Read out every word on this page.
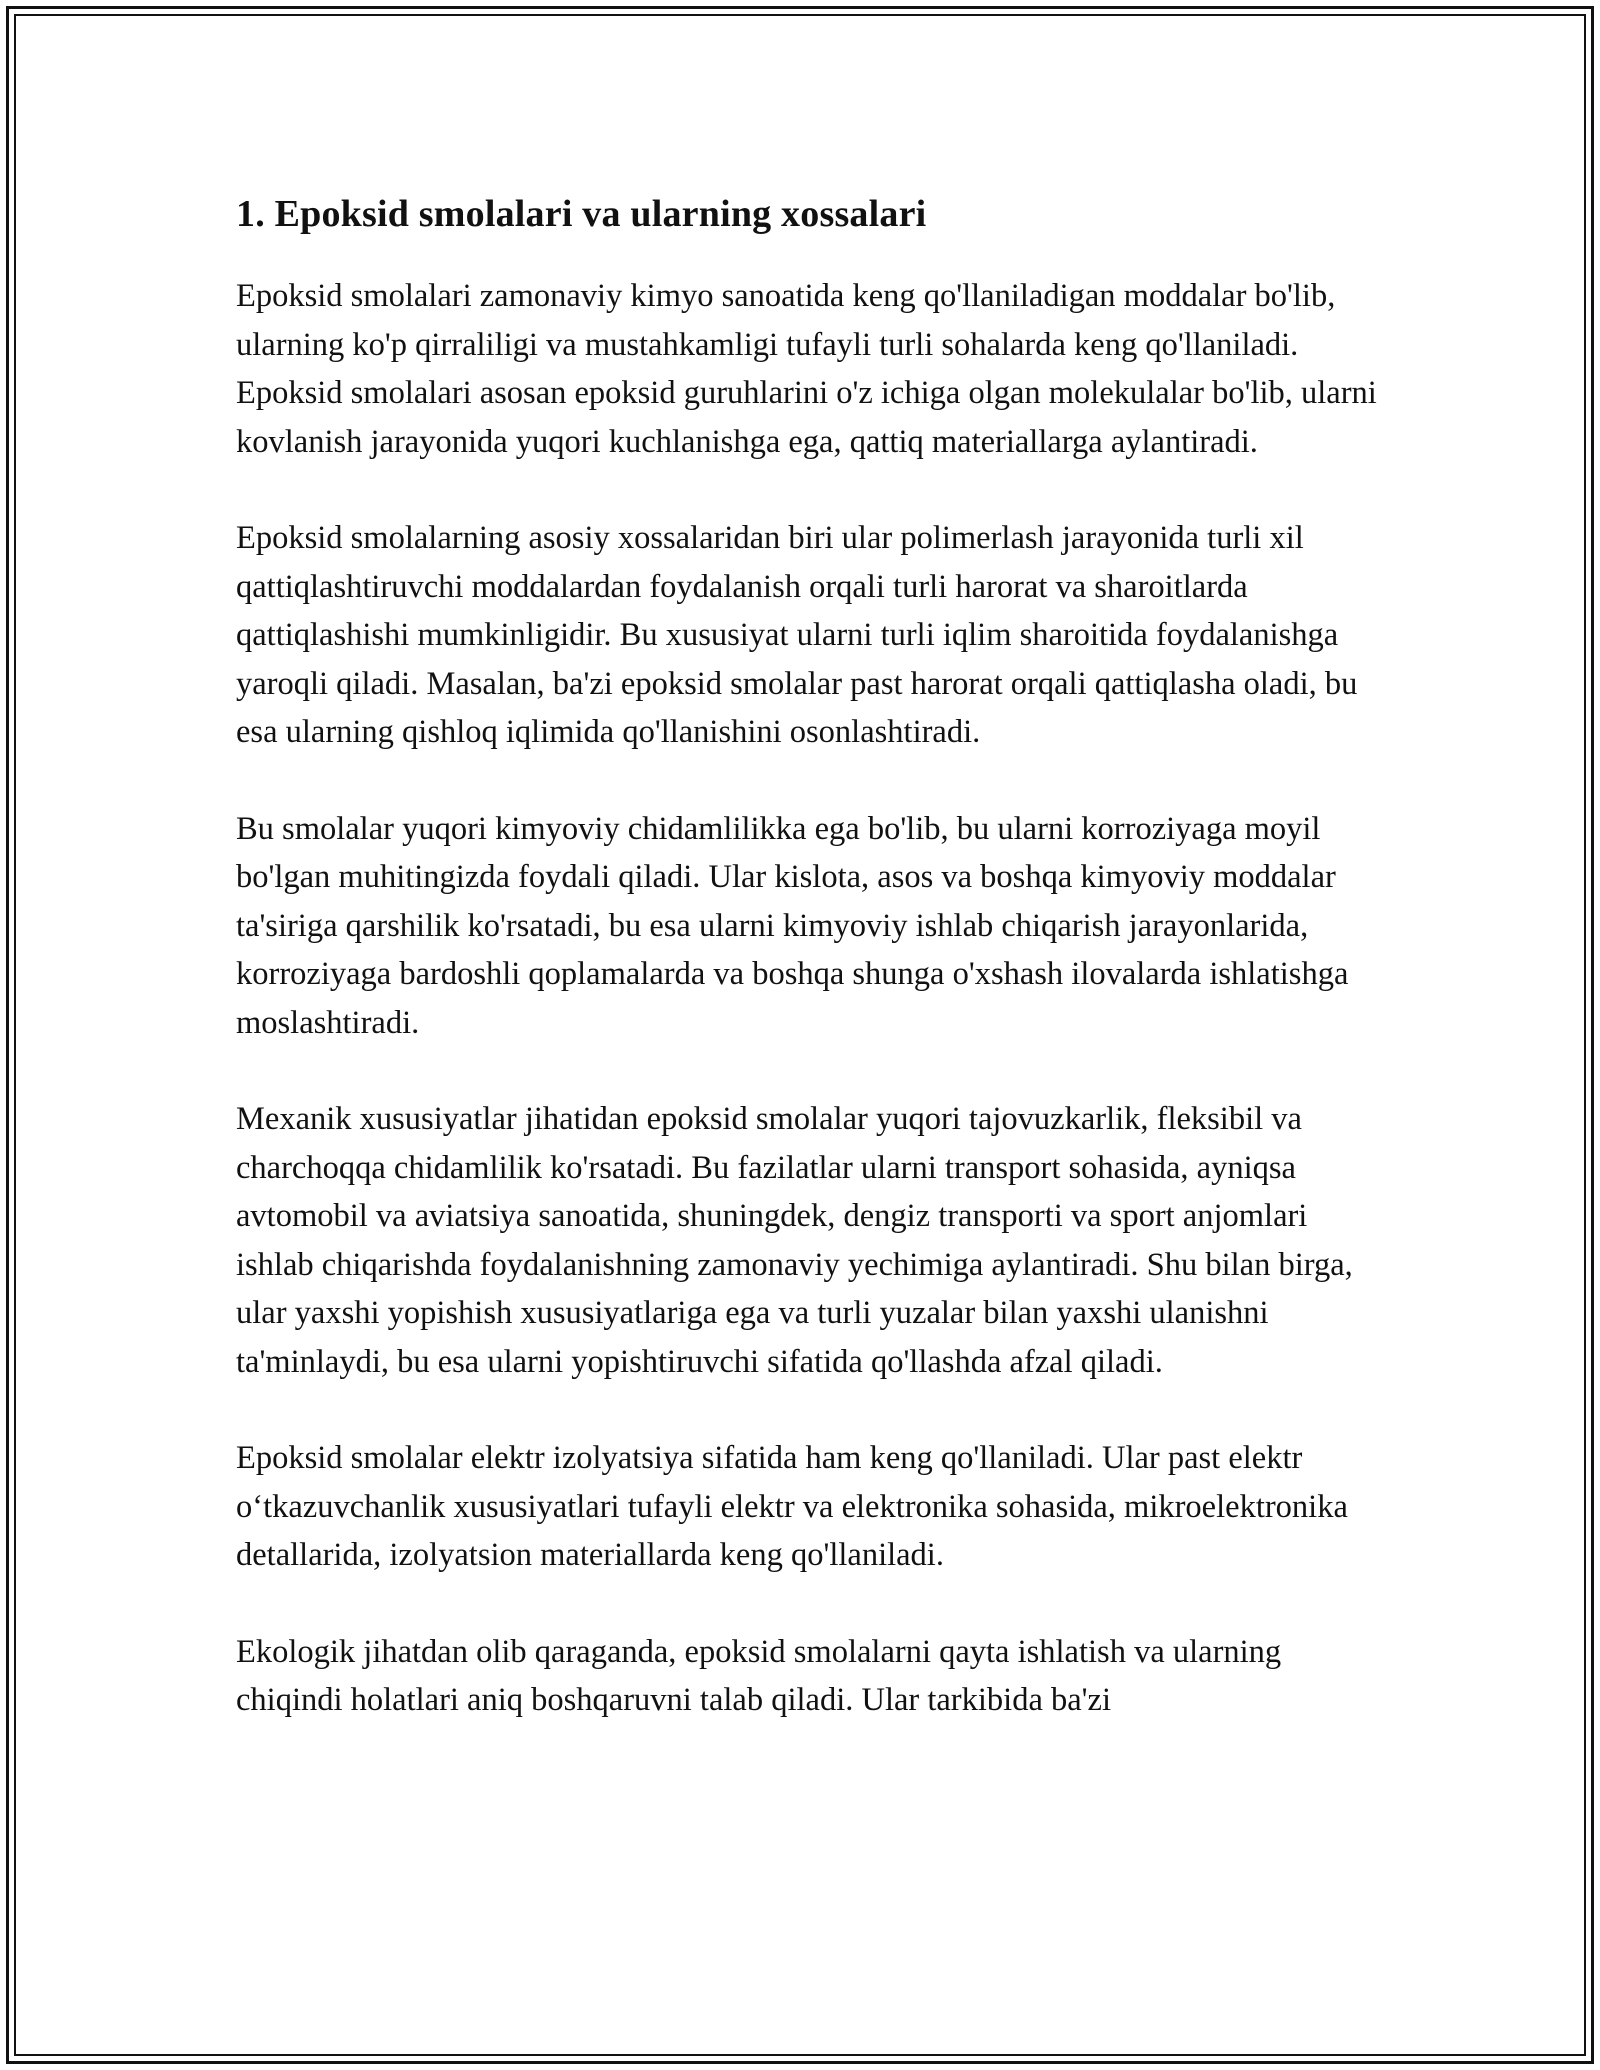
1. Epoksid smolalari va ularning xossalari

Epoksid smolalari zamonaviy kimyo sanoatida keng qo'llaniladigan moddalar bo'lib, ularning ko'p qirraliligi va mustahkamligi tufayli turli sohalarda keng qo'llaniladi. Epoksid smolalari asosan epoksid guruhlarini o'z ichiga olgan molekulalar bo'lib, ularni kovlanish jarayonida yuqori kuchlanishga ega, qattiq materiallarga aylantiradi.

Epoksid smolalarning asosiy xossalaridan biri ular polimerlash jarayonida turli xil qattiqlashtiruvchi moddalardan foydalanish orqali turli harorat va sharoitlarda qattiqlashishi mumkinligidir. Bu xususiyat ularni turli iqlim sharoitida foydalanishga yaroqli qiladi. Masalan, ba'zi epoksid smolalar past harorat orqali qattiqlasha oladi, bu esa ularning qishloq iqlimida qo'llanishini osonlashtiradi.

Bu smolalar yuqori kimyoviy chidamlilikka ega bo'lib, bu ularni korroziyaga moyil bo'lgan muhitingizda foydali qiladi. Ular kislota, asos va boshqa kimyoviy moddalar ta'siriga qarshilik ko'rsatadi, bu esa ularni kimyoviy ishlab chiqarish jarayonlarida, korroziyaga bardoshli qoplamalarda va boshqa shunga o'xshash ilovalarda ishlatishga moslashtiradi.

Mexanik xususiyatlar jihatidan epoksid smolalar yuqori tajovuzkarlik, fleksibil va charchoqqa chidamlilik ko'rsatadi. Bu fazilatlar ularni transport sohasida, ayniqsa avtomobil va aviatsiya sanoatida, shuningdek, dengiz transporti va sport anjomlari ishlab chiqarishda foydalanishning zamonaviy yechimiga aylantiradi. Shu bilan birga, ular yaxshi yopishish xususiyatlariga ega va turli yuzalar bilan yaxshi ulanishni ta'minlaydi, bu esa ularni yopishtiruvchi sifatida qo'llashda afzal qiladi.

Epoksid smolalar elektr izolyatsiya sifatida ham keng qo'llaniladi. Ular past elektr o‘tkazuvchanlik xususiyatlari tufayli elektr va elektronika sohasida, mikroelektronika detallarida, izolyatsion materiallarda keng qo'llaniladi.

Ekologik jihatdan olib qaraganda, epoksid smolalarni qayta ishlatish va ularning chiqindi holatlari aniq boshqaruvni talab qiladi. Ular tarkibida ba'zi
